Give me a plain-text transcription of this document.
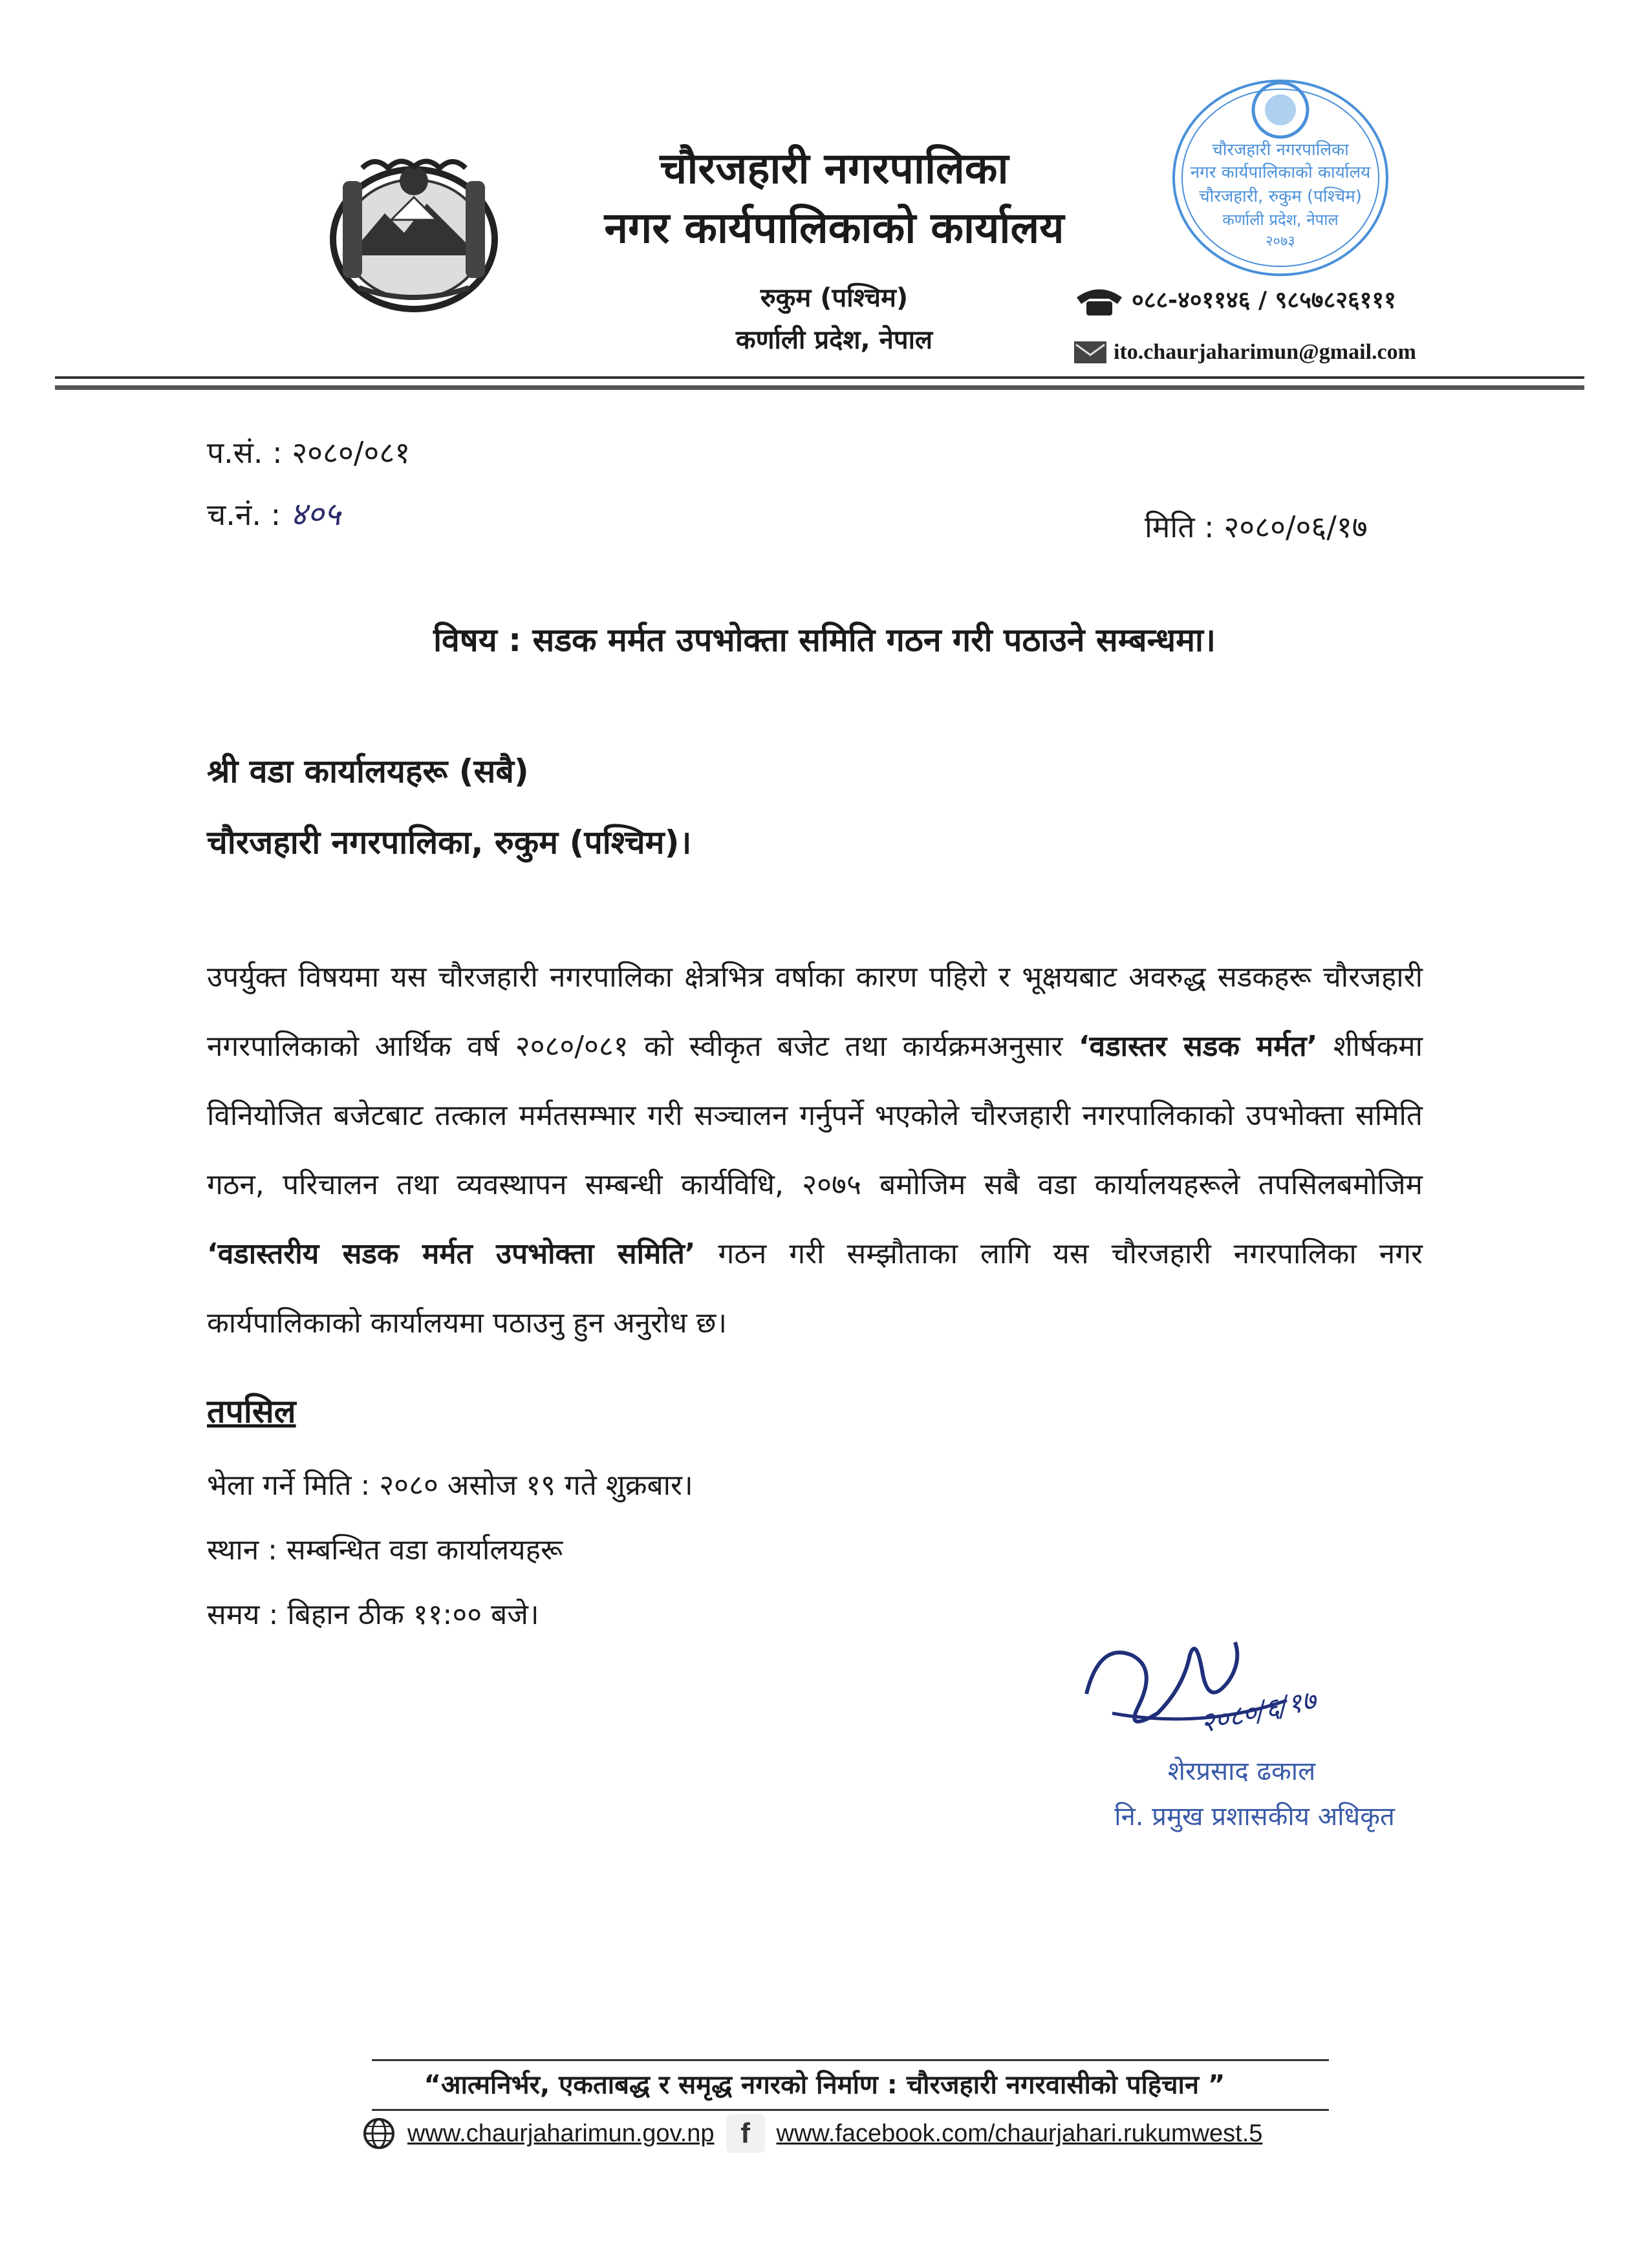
चौरजहारी नगरपालिका
नगर कार्यपालिकाको कार्यालय
रुकुम (पश्चिम)
कर्णाली प्रदेश, नेपाल
चौरजहारी नगरपालिका
नगर कार्यपालिकाको कार्यालय
चौरजहारी, रुकुम (पश्चिम)
कर्णाली प्रदेश, नेपाल
२०७३
०८८-४०११४६ / ९८५७८२६१११
ito.chaurjaharimun@gmail.com
प.सं. : २०८०/०८१
च.नं. : ४०५	मिति : २०८०/०६/१७
विषय : सडक मर्मत उपभोक्ता समिति गठन गरी पठाउने सम्बन्धमा।
श्री वडा कार्यालयहरू (सबै)
चौरजहारी नगरपालिका, रुकुम (पश्चिम)।
उपर्युक्त विषयमा यस चौरजहारी नगरपालिका क्षेत्रभित्र वर्षाका कारण पहिरो र भूक्षयबाट अवरुद्ध सडकहरू चौरजहारी नगरपालिकाको आर्थिक वर्ष २०८०/०८१ को स्वीकृत बजेट तथा कार्यक्रमअनुसार ‘वडास्तर सडक मर्मत’ शीर्षकमा विनियोजित बजेटबाट तत्काल मर्मतसम्भार गरी सञ्चालन गर्नुपर्ने भएकोले चौरजहारी नगरपालिकाको उपभोक्ता समिति गठन, परिचालन तथा व्यवस्थापन सम्बन्धी कार्यविधि, २०७५ बमोजिम सबै वडा कार्यालयहरूले तपसिलबमोजिम ‘वडास्तरीय सडक मर्मत उपभोक्ता समिति’ गठन गरी सम्झौताका लागि यस चौरजहारी नगरपालिका नगर कार्यपालिकाको कार्यालयमा पठाउनु हुन अनुरोध छ।
तपसिल
भेला गर्ने मिति : २०८० असोज १९ गते शुक्रबार।
स्थान : सम्बन्धित वडा कार्यालयहरू
समय : बिहान ठीक ११:०० बजे।
२०८०/६/१७
शेरप्रसाद ढकाल
नि. प्रमुख प्रशासकीय अधिकृत
“आत्मनिर्भर, एकताबद्ध र समृद्ध नगरको निर्माण : चौरजहारी नगरवासीको पहिचान ”
www.chaurjaharimun.gov.np f	www.facebook.com/chaurjahari.rukumwest.5
